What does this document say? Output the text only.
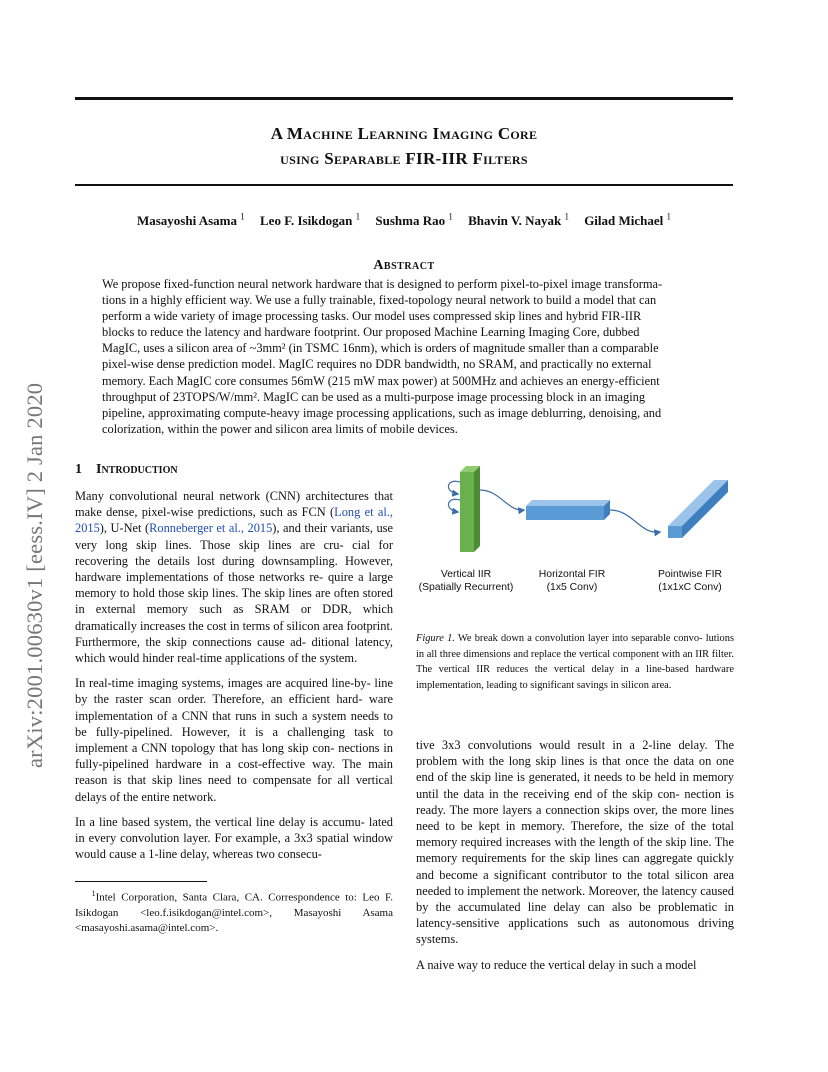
A Machine Learning Imaging Core
using Separable FIR-IIR Filters
Masayoshi Asama $^1$ Leo F. Isikdogan $^1$ Sushma Rao $^1$ Bhavin V. Nayak $^1$ Gilad Michael $^1$
Abstract
We propose fixed-function neural network hardware that is designed to perform pixel-to-pixel image transforma-
tions in a highly efficient way. We use a fully trainable, fixed-topology neural network to build a model that can
perform a wide variety of image processing tasks. Our model uses compressed skip lines and hybrid FIR-IIR
blocks to reduce the latency and hardware footprint. Our proposed Machine Learning Imaging Core, dubbed
MagIC, uses a silicon area of ~3mm² (in TSMC 16nm), which is orders of magnitude smaller than a comparable
pixel-wise dense prediction model. MagIC requires no DDR bandwidth, no SRAM, and practically no external
memory. Each MagIC core consumes 56mW (215 mW max power) at 500MHz and achieves an energy-efficient
throughput of 23TOPS/W/mm². MagIC can be used as a multi-purpose image processing block in an imaging
pipeline, approximating compute-heavy image processing applications, such as image deblurring, denoising, and
colorization, within the power and silicon area limits of mobile devices.
arXiv:2001.00630v1 [eess.IV] 2 Jan 2020 1 Introduction

Many convolutional neural network (CNN) architectures that make dense, pixel-wise predictions, such as FCN (Long et al., 2015), U-Net (Ronneberger et al., 2015), and their variants, use very long skip lines. Those skip lines are cru- cial for recovering the details lost during downsampling. However, hardware implementations of those networks re- quire a large memory to hold those skip lines. The skip lines are often stored in external memory such as SRAM or DDR, which dramatically increases the cost in terms of silicon area footprint. Furthermore, the skip connections cause ad- ditional latency, which would hinder real-time applications of the system.

In real-time imaging systems, images are acquired line-by- line by the raster scan order. Therefore, an efficient hard- ware implementation of a CNN that runs in such a system needs to be fully-pipelined. However, it is a challenging task to implement a CNN topology that has long skip con- nections in fully-pipelined hardware in a cost-effective way. The main reason is that skip lines need to compensate for all vertical delays of the entire network.

In a line based system, the vertical line delay is accumu- lated in every convolution layer. For example, a 3x3 spatial window would cause a 1-line delay, whereas two consecu-

$^1$Intel Corporation, Santa Clara, CA. Correspondence to: Leo F. Isikdogan <leo.f.isikdogan@intel.com>, Masayoshi Asama <masayoshi.asama@intel.com>.
Vertical IIR
(Spatially Recurrent)
Horizontal FIR
(1x5 Conv)
Pointwise FIR
(1x1xC Conv)
Figure 1. We break down a convolution layer into separable convo- lutions in all three dimensions and replace the vertical component with an IIR filter. The vertical IIR reduces the vertical delay in a line-based hardware implementation, leading to significant savings in silicon area.

tive 3x3 convolutions would result in a 2-line delay. The problem with the long skip lines is that once the data on one end of the skip line is generated, it needs to be held in memory until the data in the receiving end of the skip con- nection is ready. The more layers a connection skips over, the more lines need to be kept in memory. Therefore, the size of the total memory required increases with the length of the skip line. The memory requirements for the skip lines can aggregate quickly and become a significant contributor to the total silicon area needed to implement the network. Moreover, the latency caused by the accumulated line delay can also be problematic in latency-sensitive applications such as autonomous driving systems.

A naive way to reduce the vertical delay in such a model
